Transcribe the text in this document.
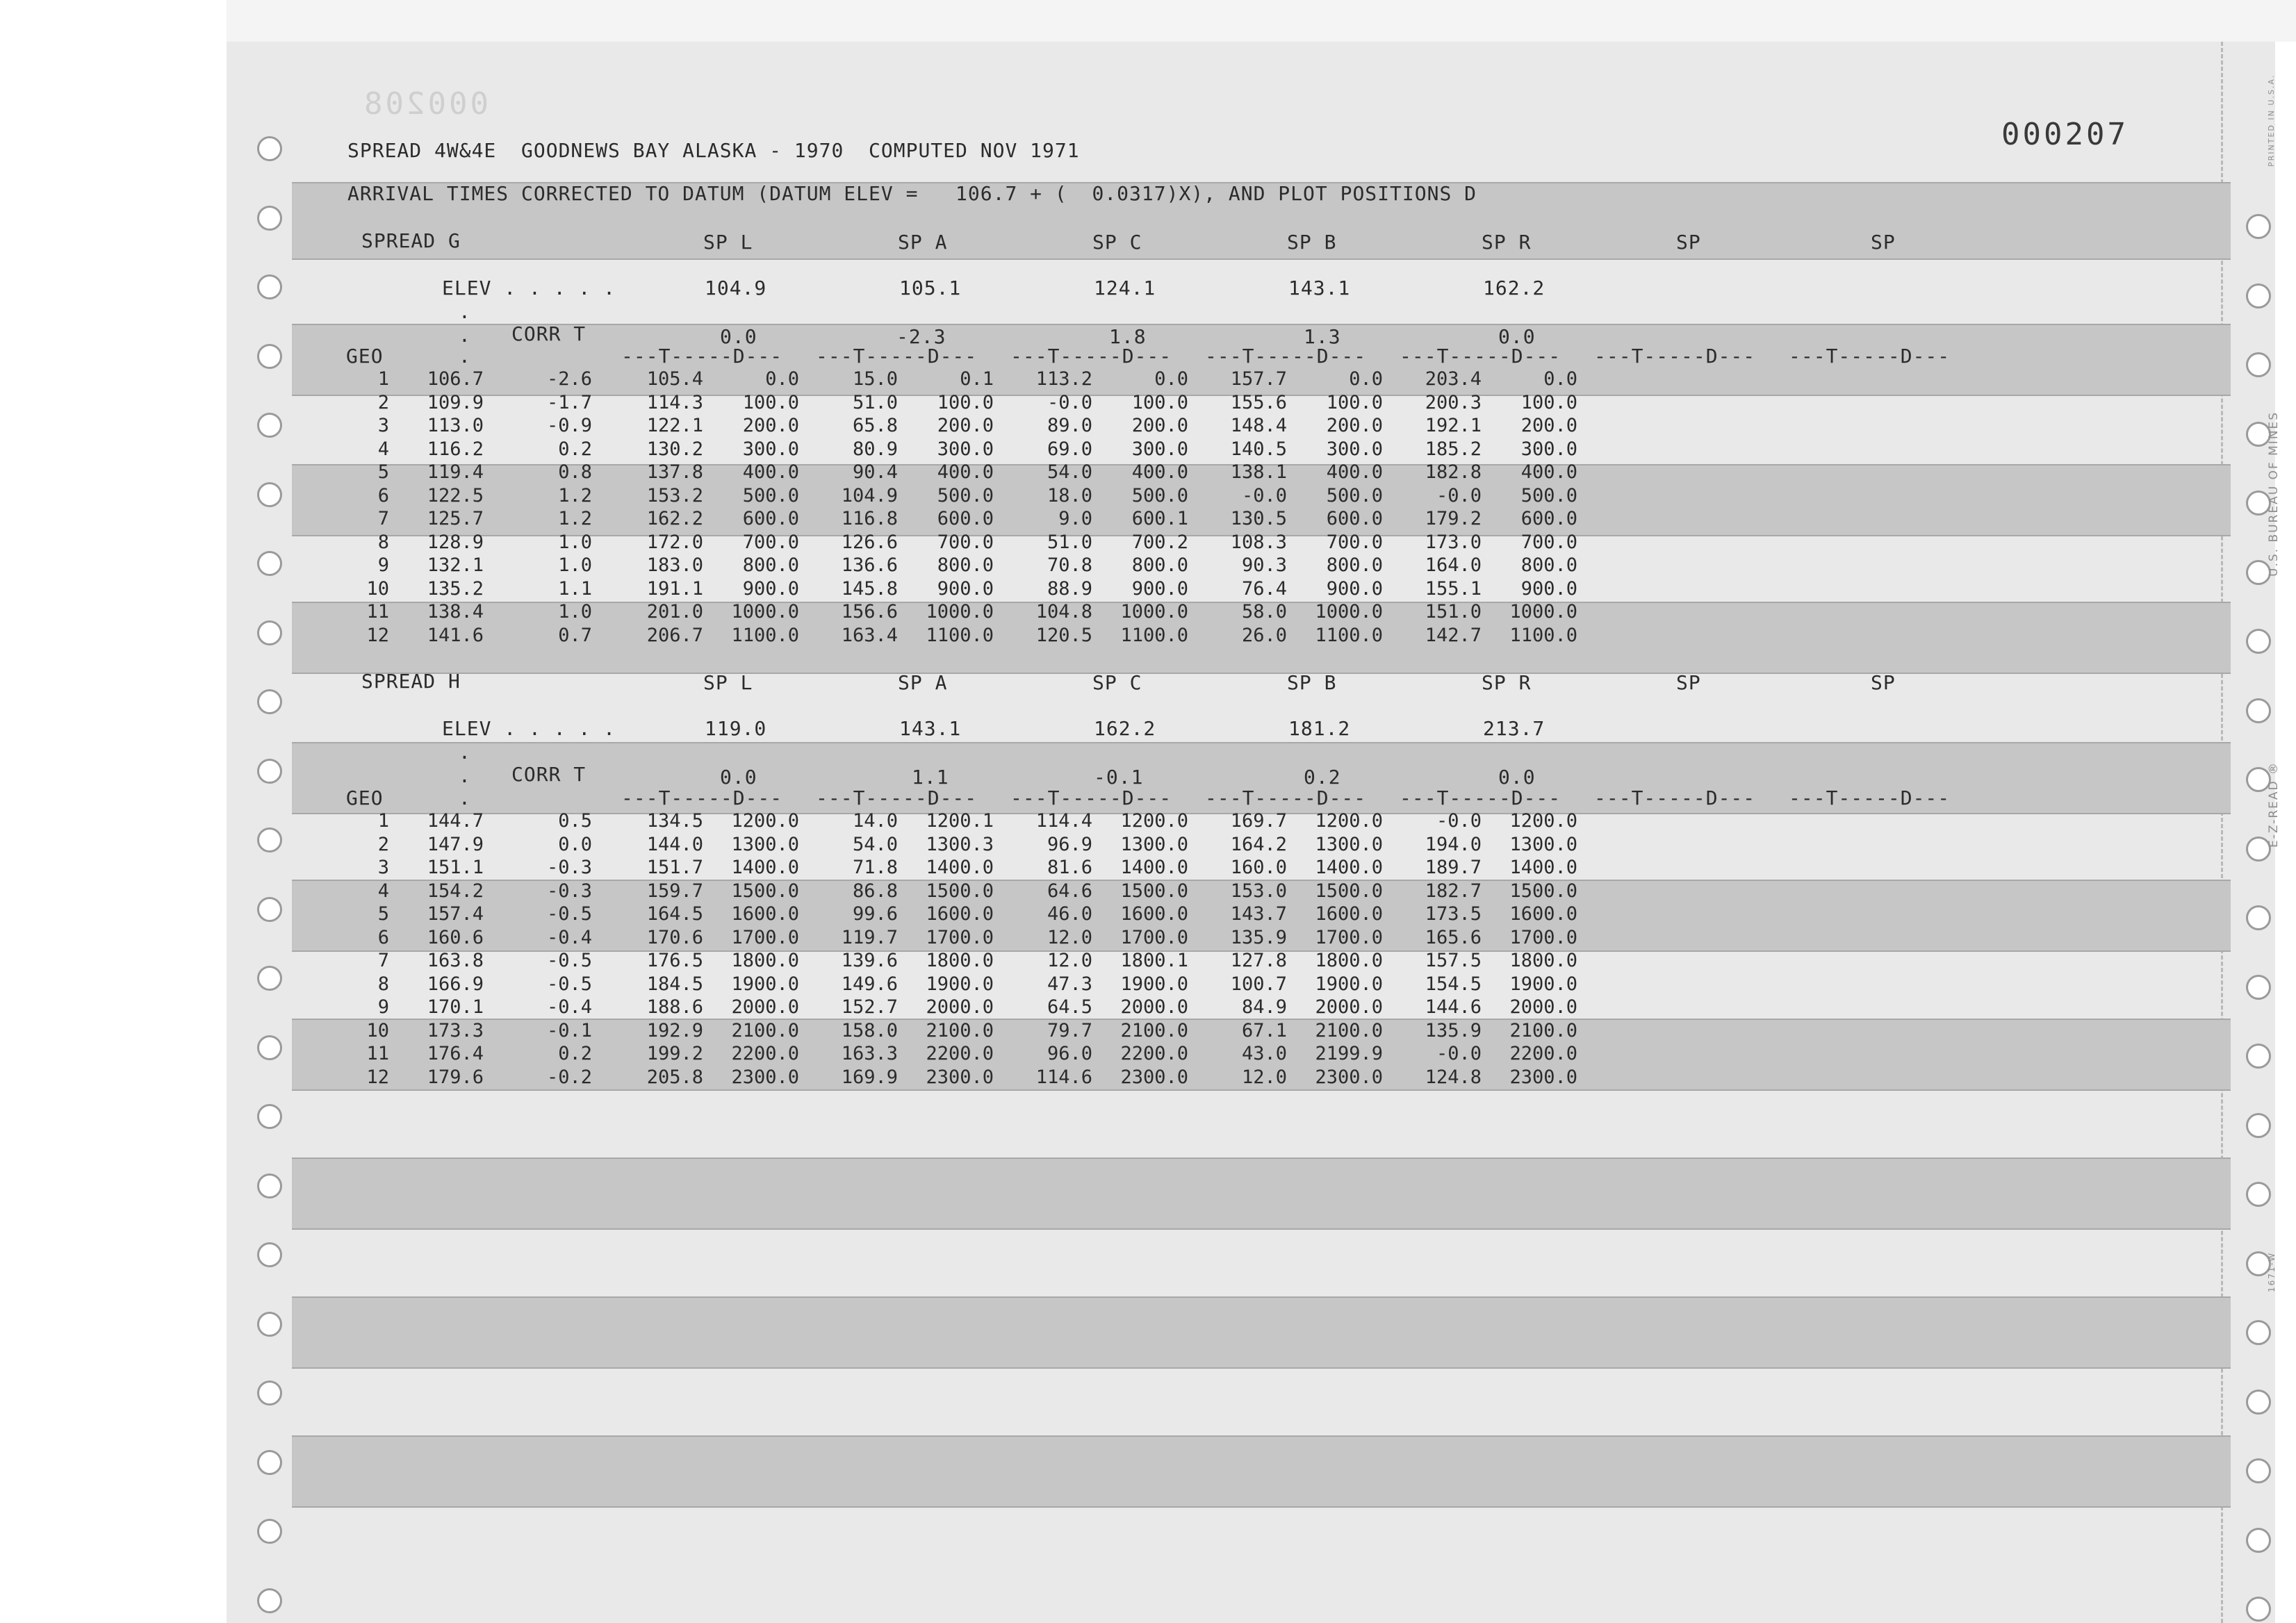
000208
000207
SPREAD 4W&4E  GOODNEWS BAY ALASKA - 1970  COMPUTED NOV 1971
ARRIVAL TIMES CORRECTED TO DATUM (DATUM ELEV =   106.7 + (  0.0317)X), AND PLOT POSITIONS D
U.S. BUREAU OF MINES
E-Z-READ ®
PRINTED IN U.S.A.
1671-W
SPREAD G	SP L	SP A	SP C	SP B	SP R	SP	SP
ELEV . . . . .	104.9	105.1	124.1	143.1	162.2
.
. CORR T	0.0	-2.3	1.8	1.3	0.0
GEO	.	---T-----D--- ---T-----D--- ---T-----D--- ---T-----D--- ---T-----D--- ---T-----D--- ---T-----D---
1	106.7	-2.6	105.4	0.0	15.0	0.1	113.2	0.0	157.7	0.0	203.4	0.0
2	109.9	-1.7	114.3	100.0	51.0	100.0	-0.0	100.0	155.6	100.0	200.3	100.0
3	113.0	-0.9	122.1	200.0	65.8	200.0	89.0	200.0	148.4	200.0	192.1	200.0
4	116.2	0.2	130.2	300.0	80.9	300.0	69.0	300.0	140.5	300.0	185.2	300.0
5	119.4	0.8	137.8	400.0	90.4	400.0	54.0	400.0	138.1	400.0	182.8	400.0
6	122.5	1.2	153.2	500.0	104.9	500.0	18.0	500.0	-0.0	500.0	-0.0	500.0
7	125.7	1.2	162.2	600.0	116.8	600.0	9.0	600.1	130.5	600.0	179.2	600.0
8	128.9	1.0	172.0	700.0	126.6	700.0	51.0	700.2	108.3	700.0	173.0	700.0
9	132.1	1.0	183.0	800.0	136.6	800.0	70.8	800.0	90.3	800.0	164.0	800.0
10	135.2	1.1	191.1	900.0	145.8	900.0	88.9	900.0	76.4	900.0	155.1	900.0
11	138.4	1.0	201.0	1000.0	156.6	1000.0	104.8	1000.0	58.0	1000.0	151.0	1000.0
12	141.6	0.7	206.7	1100.0	163.4	1100.0	120.5	1100.0	26.0	1100.0	142.7	1100.0
SPREAD H	SP L	SP A	SP C	SP B	SP R	SP	SP
ELEV . . . . .	119.0	143.1	162.2	181.2	213.7
.
. CORR T	0.0	1.1	-0.1	0.2	0.0
GEO	.	---T-----D--- ---T-----D--- ---T-----D--- ---T-----D--- ---T-----D--- ---T-----D--- ---T-----D---
1	144.7	0.5	134.5	1200.0	14.0	1200.1	114.4	1200.0	169.7	1200.0	-0.0	1200.0
2	147.9	0.0	144.0	1300.0	54.0	1300.3	96.9	1300.0	164.2	1300.0	194.0	1300.0
3	151.1	-0.3	151.7	1400.0	71.8	1400.0	81.6	1400.0	160.0	1400.0	189.7	1400.0
4	154.2	-0.3	159.7	1500.0	86.8	1500.0	64.6	1500.0	153.0	1500.0	182.7	1500.0
5	157.4	-0.5	164.5	1600.0	99.6	1600.0	46.0	1600.0	143.7	1600.0	173.5	1600.0
6	160.6	-0.4	170.6	1700.0	119.7	1700.0	12.0	1700.0	135.9	1700.0	165.6	1700.0
7	163.8	-0.5	176.5	1800.0	139.6	1800.0	12.0	1800.1	127.8	1800.0	157.5	1800.0
8	166.9	-0.5	184.5	1900.0	149.6	1900.0	47.3	1900.0	100.7	1900.0	154.5	1900.0
9	170.1	-0.4	188.6	2000.0	152.7	2000.0	64.5	2000.0	84.9	2000.0	144.6	2000.0
10	173.3	-0.1	192.9	2100.0	158.0	2100.0	79.7	2100.0	67.1	2100.0	135.9	2100.0
11	176.4	0.2	199.2	2200.0	163.3	2200.0	96.0	2200.0	43.0	2199.9	-0.0	2200.0
12	179.6	-0.2	205.8	2300.0	169.9	2300.0	114.6	2300.0	12.0	2300.0	124.8	2300.0
